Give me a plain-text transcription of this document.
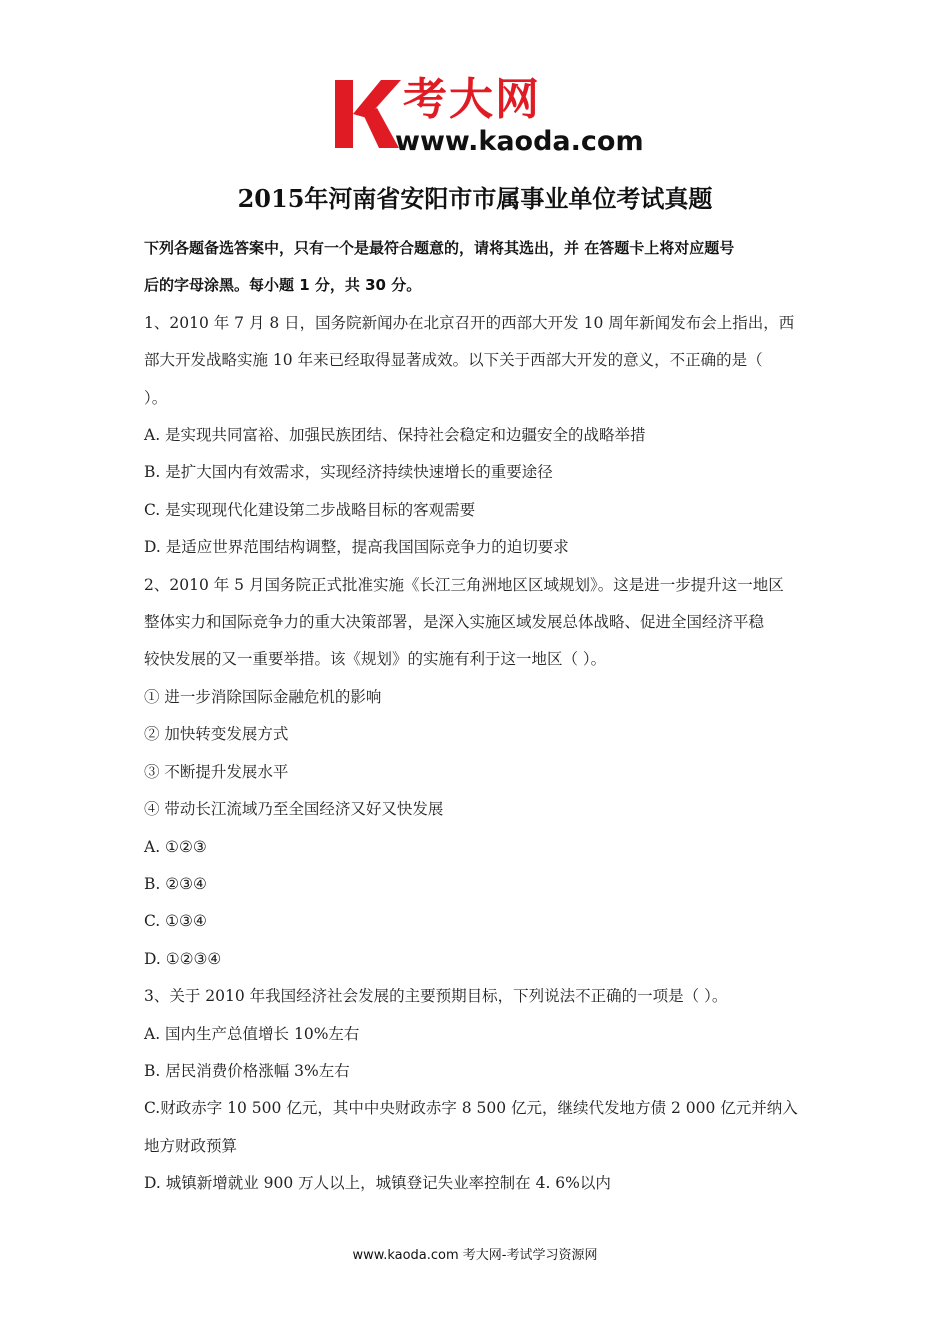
考大网
www.kaoda.com
2015年河南省安阳市市属事业单位考试真题
下列各题备选答案中，只有一个是最符合题意的，请将其选出，并 在答题卡上将对应题号
后的字母涂黑。每小题 1 分，共 30 分。
1、2010 年 7 月 8 日，国务院新闻办在北京召开的西部大开发 10 周年新闻发布会上指出，西
部大开发战略实施 10 年来已经取得显著成效。以下关于西部大开发的意义，不正确的是（
）。
A. 是实现共同富裕、加强民族团结、保持社会稳定和边疆安全的战略举措
B. 是扩大国内有效需求，实现经济持续快速增长的重要途径
C. 是实现现代化建设第二步战略目标的客观需要
D. 是适应世界范围结构调整，提高我国国际竞争力的迫切要求
2、2010 年 5 月国务院正式批准实施《长江三角洲地区区域规划》。这是进一步提升这一地区
整体实力和国际竞争力的重大决策部署，是深入实施区域发展总体战略、促进全国经济平稳
较快发展的又一重要举措。该《规划》的实施有利于这一地区（ ）。
① 进一步消除国际金融危机的影响
② 加快转变发展方式
③ 不断提升发展水平
④ 带动长江流域乃至全国经济又好又快发展
A. ①②③
B. ②③④
C. ①③④
D. ①②③④
3、关于 2010 年我国经济社会发展的主要预期目标，下列说法不正确的一项是（ ）。
A. 国内生产总值增长 10%左右
B. 居民消费价格涨幅 3%左右
C.财政赤字 10 500 亿元，其中中央财政赤字 8 500 亿元，继续代发地方债 2 000 亿元并纳入
地方财政预算
D. 城镇新增就业 900 万人以上，城镇登记失业率控制在 4. 6%以内
www.kaoda.com 考大网-考试学习资源网
